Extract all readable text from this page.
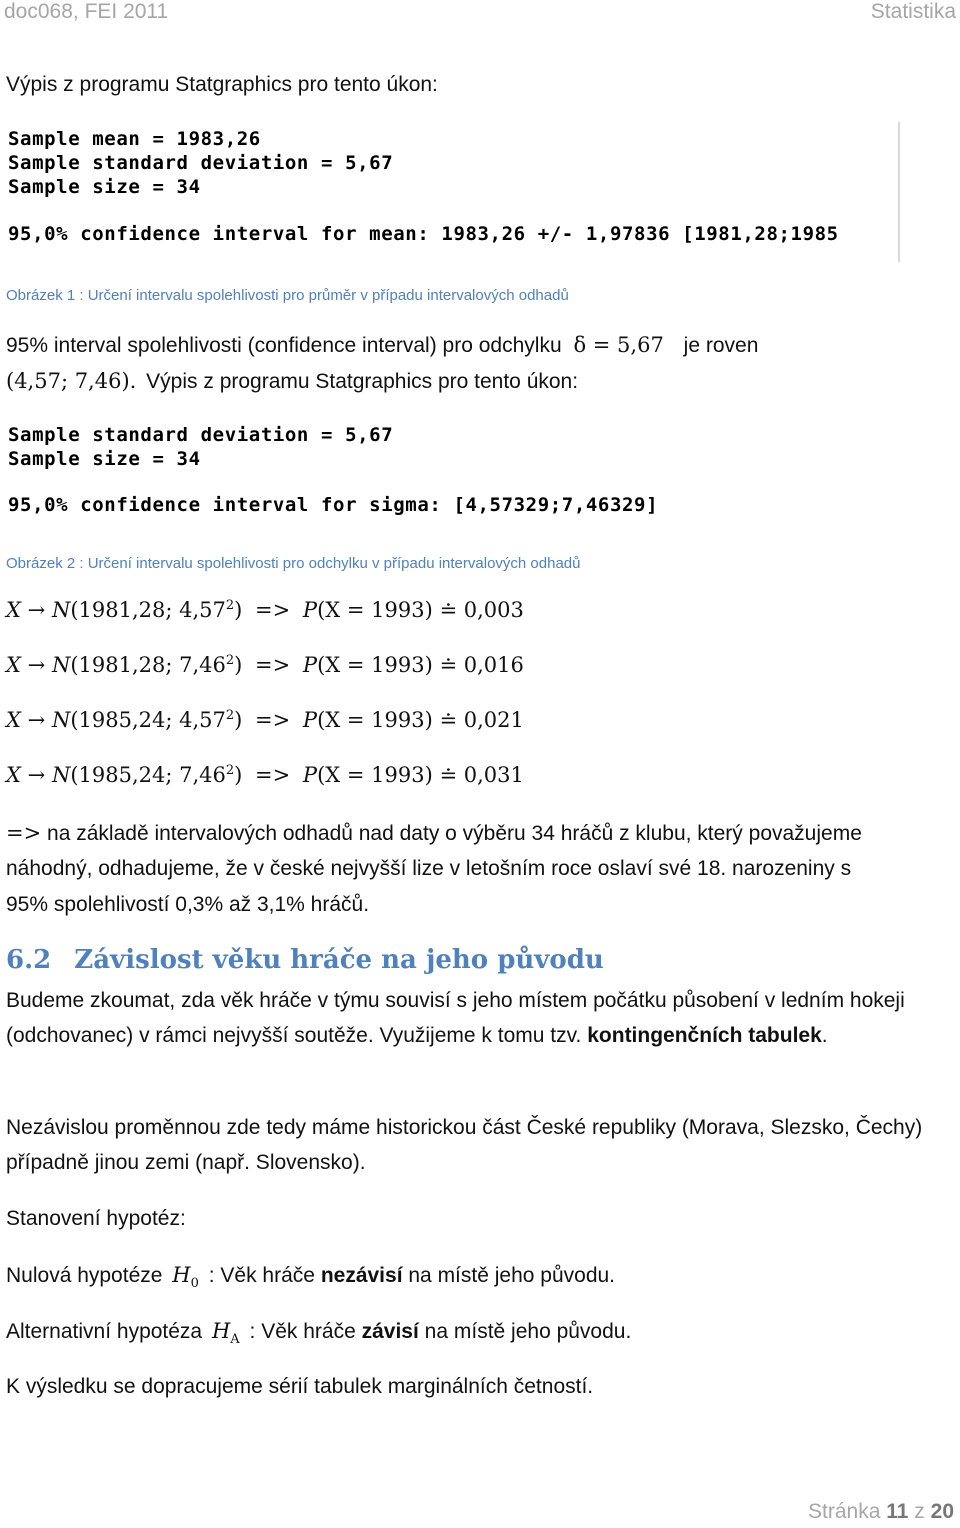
doc068, FEI 2011	Statistika
Výpis z programu Statgraphics pro tento úkon:
Sample mean = 1983,26
Sample standard deviation = 5,67
Sample size = 34
95,0% confidence interval for mean: 1983,26 +/- 1,97836 [1981,28;1985
Obrázek 1 : Určení intervalu spolehlivosti pro průměr v případu intervalových odhadů
95% interval spolehlivosti (confidence interval) pro odchylku δ = 5,67 je roven
(4,57; 7,46). Výpis z programu Statgraphics pro tento úkon:
Sample standard deviation = 5,67
Sample size = 34
95,0% confidence interval for sigma: [4,57329;7,46329]
Obrázek 2 : Určení intervalu spolehlivosti pro odchylku v případu intervalových odhadů
X → N(1981,28; $4,57^2) => P(X = 1993)$ ≐ 0,003
X → N(1981,28; $7,46^2) => P(X = 1993)$ ≐ 0,016
X → N(1985,24; $4,57^2) => P(X = 1993)$ ≐ 0,021
X → N(1985,24; $7,46^2) => P(X = 1993)$ ≐ 0,031
=> na základě intervalových odhadů nad daty o výběru 34 hráčů z klubu, který považujeme
náhodný, odhadujeme, že v české nejvyšší lize v letošním roce oslaví své 18. narozeniny s
95% spolehlivostí 0,3% až 3,1% hráčů.
6.2 Závislost věku hráče na jeho původu
Budeme zkoumat, zda věk hráče v týmu souvisí s jeho místem počátku působení v ledním hokeji (odchovanec) v rámci nejvyšší soutěže. Využijeme k tomu tzv. kontingenčních tabulek.
Nezávislou proměnnou zde tedy máme historickou část České republiky (Morava, Slezsko, Čechy) případně jinou zemi (např. Slovensko).
Stanovení hypotéz:
Nulová hypotéze $H_0$ : Věk hráče nezávisí na místě jeho původu.
Alternativní hypotéza $H_A$ : Věk hráče závisí na místě jeho původu.
K výsledku se dopracujeme sérií tabulek marginálních četností.
Stránka 11 z 20
